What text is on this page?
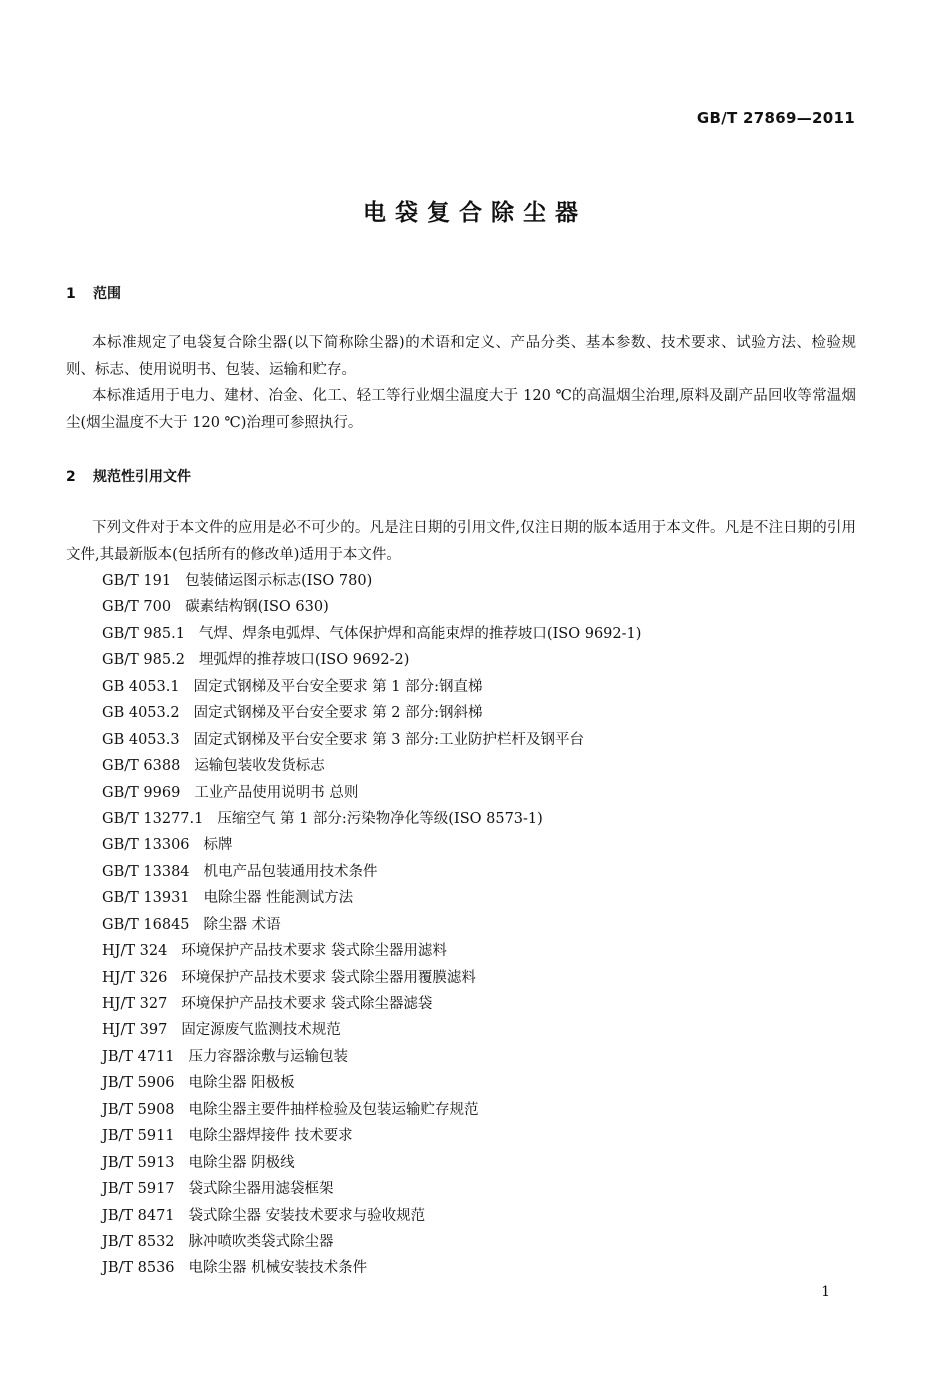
GB/T 27869—2011
电袋复合除尘器
1 范围

本标准规定了电袋复合除尘器(以下简称除尘器)的术语和定义、产品分类、基本参数、技术要求、试验方法、检验规则、标志、使用说明书、包装、运输和贮存。

本标准适用于电力、建材、冶金、化工、轻工等行业烟尘温度大于 120 ℃的高温烟尘治理,原料及副产品回收等常温烟尘(烟尘温度不大于 120 ℃)治理可参照执行。

2 规范性引用文件

下列文件对于本文件的应用是必不可少的。凡是注日期的引用文件,仅注日期的版本适用于本文件。凡是不注日期的引用文件,其最新版本(包括所有的修改单)适用于本文件。

GB/T 191 包装储运图示标志(ISO 780)
GB/T 700 碳素结构钢(ISO 630)
GB/T 985.1 气焊、焊条电弧焊、气体保护焊和高能束焊的推荐坡口(ISO 9692-1)
GB/T 985.2 埋弧焊的推荐坡口(ISO 9692-2)
GB 4053.1 固定式钢梯及平台安全要求 第 1 部分:钢直梯
GB 4053.2 固定式钢梯及平台安全要求 第 2 部分:钢斜梯
GB 4053.3 固定式钢梯及平台安全要求 第 3 部分:工业防护栏杆及钢平台
GB/T 6388 运输包装收发货标志
GB/T 9969 工业产品使用说明书 总则
GB/T 13277.1 压缩空气 第 1 部分:污染物净化等级(ISO 8573-1)
GB/T 13306 标牌
GB/T 13384 机电产品包装通用技术条件
GB/T 13931 电除尘器 性能测试方法
GB/T 16845 除尘器 术语
HJ/T 324 环境保护产品技术要求 袋式除尘器用滤料
HJ/T 326 环境保护产品技术要求 袋式除尘器用覆膜滤料
HJ/T 327 环境保护产品技术要求 袋式除尘器滤袋
HJ/T 397 固定源废气监测技术规范
JB/T 4711 压力容器涂敷与运输包装
JB/T 5906 电除尘器 阳极板
JB/T 5908 电除尘器主要件抽样检验及包装运输贮存规范
JB/T 5911 电除尘器焊接件 技术要求
JB/T 5913 电除尘器 阴极线
JB/T 5917 袋式除尘器用滤袋框架
JB/T 8471 袋式除尘器 安装技术要求与验收规范
JB/T 8532 脉冲喷吹类袋式除尘器
JB/T 8536 电除尘器 机械安装技术条件
1
